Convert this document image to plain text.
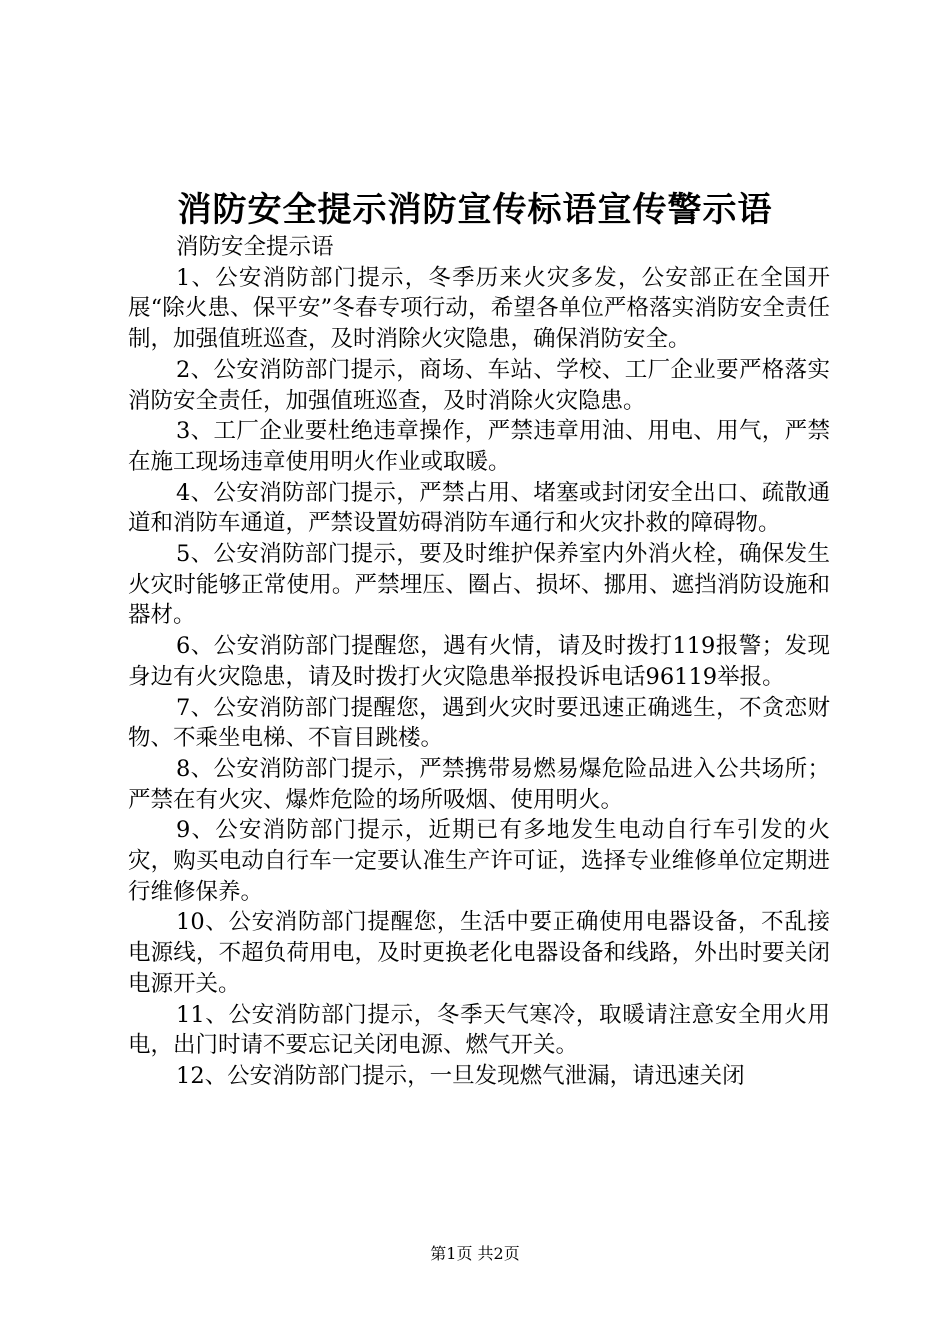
消防安全提示消防宣传标语宣传警示语

消防安全提示语

1、公安消防部门提示，冬季历来火灾多发，公安部正在全国开展“除火患、保平安”冬春专项行动，希望各单位严格落实消防安全责任制，加强值班巡查，及时消除火灾隐患，确保消防安全。

2、公安消防部门提示，商场、车站、学校、工厂企业要严格落实消防安全责任，加强值班巡查，及时消除火灾隐患。

3、工厂企业要杜绝违章操作，严禁违章用油、用电、用气，严禁在施工现场违章使用明火作业或取暖。

4、公安消防部门提示，严禁占用、堵塞或封闭安全出口、疏散通道和消防车通道，严禁设置妨碍消防车通行和火灾扑救的障碍物。

5、公安消防部门提示，要及时维护保养室内外消火栓，确保发生火灾时能够正常使用。严禁埋压、圈占、损坏、挪用、遮挡消防设施和器材。

6、公安消防部门提醒您，遇有火情，请及时拨打119报警；发现身边有火灾隐患，请及时拨打火灾隐患举报投诉电话96119举报。

7、公安消防部门提醒您，遇到火灾时要迅速正确逃生，不贪恋财物、不乘坐电梯、不盲目跳楼。

8、公安消防部门提示，严禁携带易燃易爆危险品进入公共场所；严禁在有火灾、爆炸危险的场所吸烟、使用明火。

9、公安消防部门提示，近期已有多地发生电动自行车引发的火灾，购买电动自行车一定要认准生产许可证，选择专业维修单位定期进行维修保养。

10、公安消防部门提醒您，生活中要正确使用电器设备，不乱接电源线，不超负荷用电，及时更换老化电器设备和线路，外出时要关闭电源开关。

11、公安消防部门提示，冬季天气寒冷，取暖请注意安全用火用电，出门时请不要忘记关闭电源、燃气开关。

12、公安消防部门提示，一旦发现燃气泄漏，请迅速关闭

第1页 共2页
